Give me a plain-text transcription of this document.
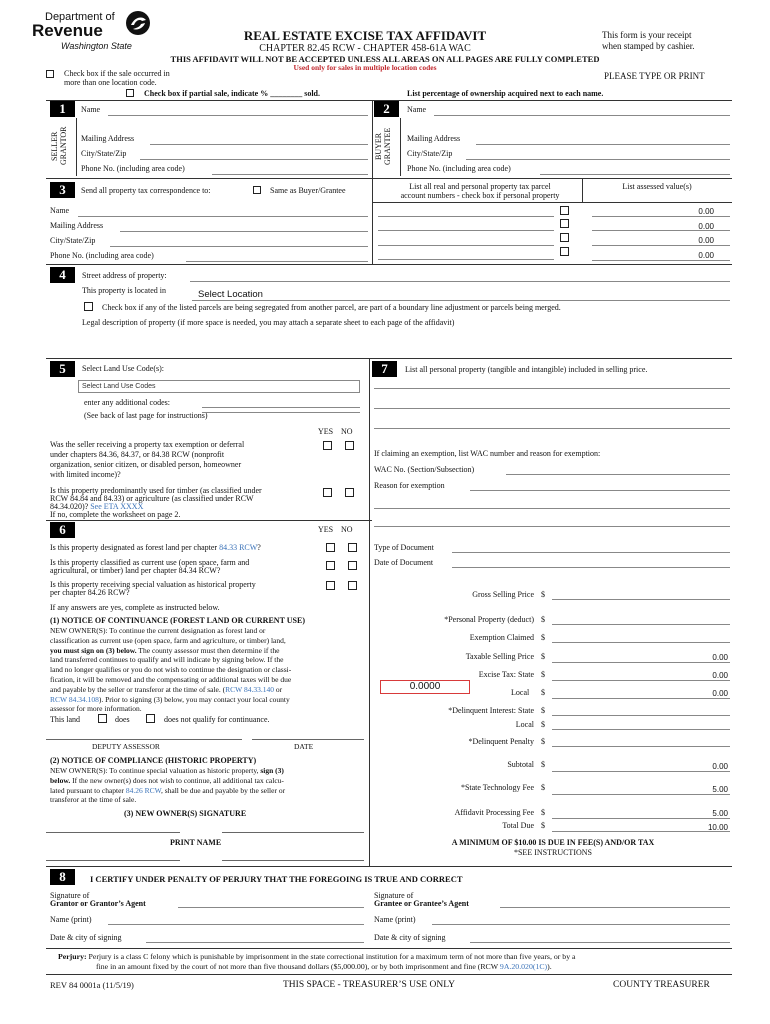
Department of
Revenue
Washington State
REAL ESTATE EXCISE TAX AFFIDAVIT
CHAPTER 82.45 RCW - CHAPTER 458-61A WAC
This form is your receipt
when stamped by cashier.
THIS AFFIDAVIT WILL NOT BE ACCEPTED UNLESS ALL AREAS ON ALL PAGES ARE FULLY COMPLETED
Used only for sales in multiple location codes
Check box if the sale occurred in
more than one location code.
PLEASE TYPE OR PRINT
Check box if partial sale, indicate % ________ sold.	List percentage of ownership acquired next to each name.
1	Name
SELLER GRANTOR Mailing Address
City/State/Zip
Phone No. (including area code)
2	Name
BUYER GRANTEE Mailing Address
City/State/Zip
Phone No. (including area code)
3	Send all property tax correspondence to:	Same as Buyer/Grantee	List all real and personal property tax parcel
account numbers - check box if personal property
List assessed value(s)
Name
Mailing Address
City/State/Zip
Phone No. (including area code)
0.00
0.00
0.00
0.00
4	Street address of property:
This property is located in	Select Location
Check box if any of the listed parcels are being segregated from another parcel, are part of a boundary line adjustment or parcels being merged.
Legal description of property (if more space is needed, you may attach a separate sheet to each page of the affidavit)
5	Select Land Use Code(s):
Select Land Use Codes
enter any additional codes:
(See back of last page for instructions)
YES NO
Was the seller receiving a property tax exemption or deferral
under chapters 84.36, 84.37, or 84.38 RCW (nonprofit
organization, senior citizen, or disabled person, homeowner
with limited income)?
Is this property predominantly used for timber (as classified under
RCW 84.84 and 84.33) or agriculture (as classified under RCW
84.34.020)? See ETA XXXX
If no, complete the worksheet on page 2.
6	YES NO
Is this property designated as forest land per chapter 84.33 RCW?
Is this property classified as current use (open space, farm and
agricultural, or timber) land per chapter 84.34 RCW?
Is this property receiving special valuation as historical property
per chapter 84.26 RCW?
If any answers are yes, complete as instructed below.
(1) NOTICE OF CONTINUANCE (FOREST LAND OR CURRENT USE)
NEW OWNER(S): To continue the current designation as forest land or
classification as current use (open space, farm and agriculture, or timber) land,
you must sign on (3) below. The county assessor must then determine if the
land transferred continues to qualify and will indicate by signing below. If the
land no longer qualifies or you do not wish to continue the designation or classi-
fication, it will be removed and the compensating or additional taxes will be due
and payable by the seller or transferor at the time of sale. (RCW 84.33.140 or
RCW 84.34.108). Prior to signing (3) below, you may contact your local county
assessor for more information.
This land	does	does not qualify for continuance.
DEPUTY ASSESSOR	DATE
(2) NOTICE OF COMPLIANCE (HISTORIC PROPERTY)
NEW OWNER(S): To continue special valuation as historic property, sign (3)
below. If the new owner(s) does not wish to continue, all additional tax calcu-
lated pursuant to chapter 84.26 RCW, shall be due and payable by the seller or
transferor at the time of sale.
(3) NEW OWNER(S) SIGNATURE
PRINT NAME
7	List all personal property (tangible and intangible) included in selling price.
If claiming an exemption, list WAC number and reason for exemption:
WAC No. (Section/Subsection)
Reason for exemption
Type of Document
Date of Document
Gross Selling Price $
*Personal Property (deduct) $
Exemption Claimed $
Taxable Selling Price $	0.00
Excise Tax: State $	0.00
0.0000
Local $	0.00
*Delinquent Interest: State $
Local $
*Delinquent Penalty $
Subtotal $	0.00
*State Technology Fee $	5.00
Affidavit Processing Fee $	5.00
Total Due $	10.00
A MINIMUM OF $10.00 IS DUE IN FEE(S) AND/OR TAX
*SEE INSTRUCTIONS
8	I CERTIFY UNDER PENALTY OF PERJURY THAT THE FOREGOING IS TRUE AND CORRECT
Signature of
Grantor or Grantor’s Agent
Signature of
Grantee or Grantee’s Agent
Name (print)	Name (print)
Date & city of signing	Date & city of signing
Perjury: Perjury is a class C felony which is punishable by imprisonment in the state correctional institution for a maximum term of not more than five years, or by a
fine in an amount fixed by the court of not more than five thousand dollars ($5,000.00), or by both imprisonment and fine (RCW 9A.20.020(1C)).
REV 84 0001a (11/5/19)	THIS SPACE - TREASURER’S USE ONLY	COUNTY TREASURER
